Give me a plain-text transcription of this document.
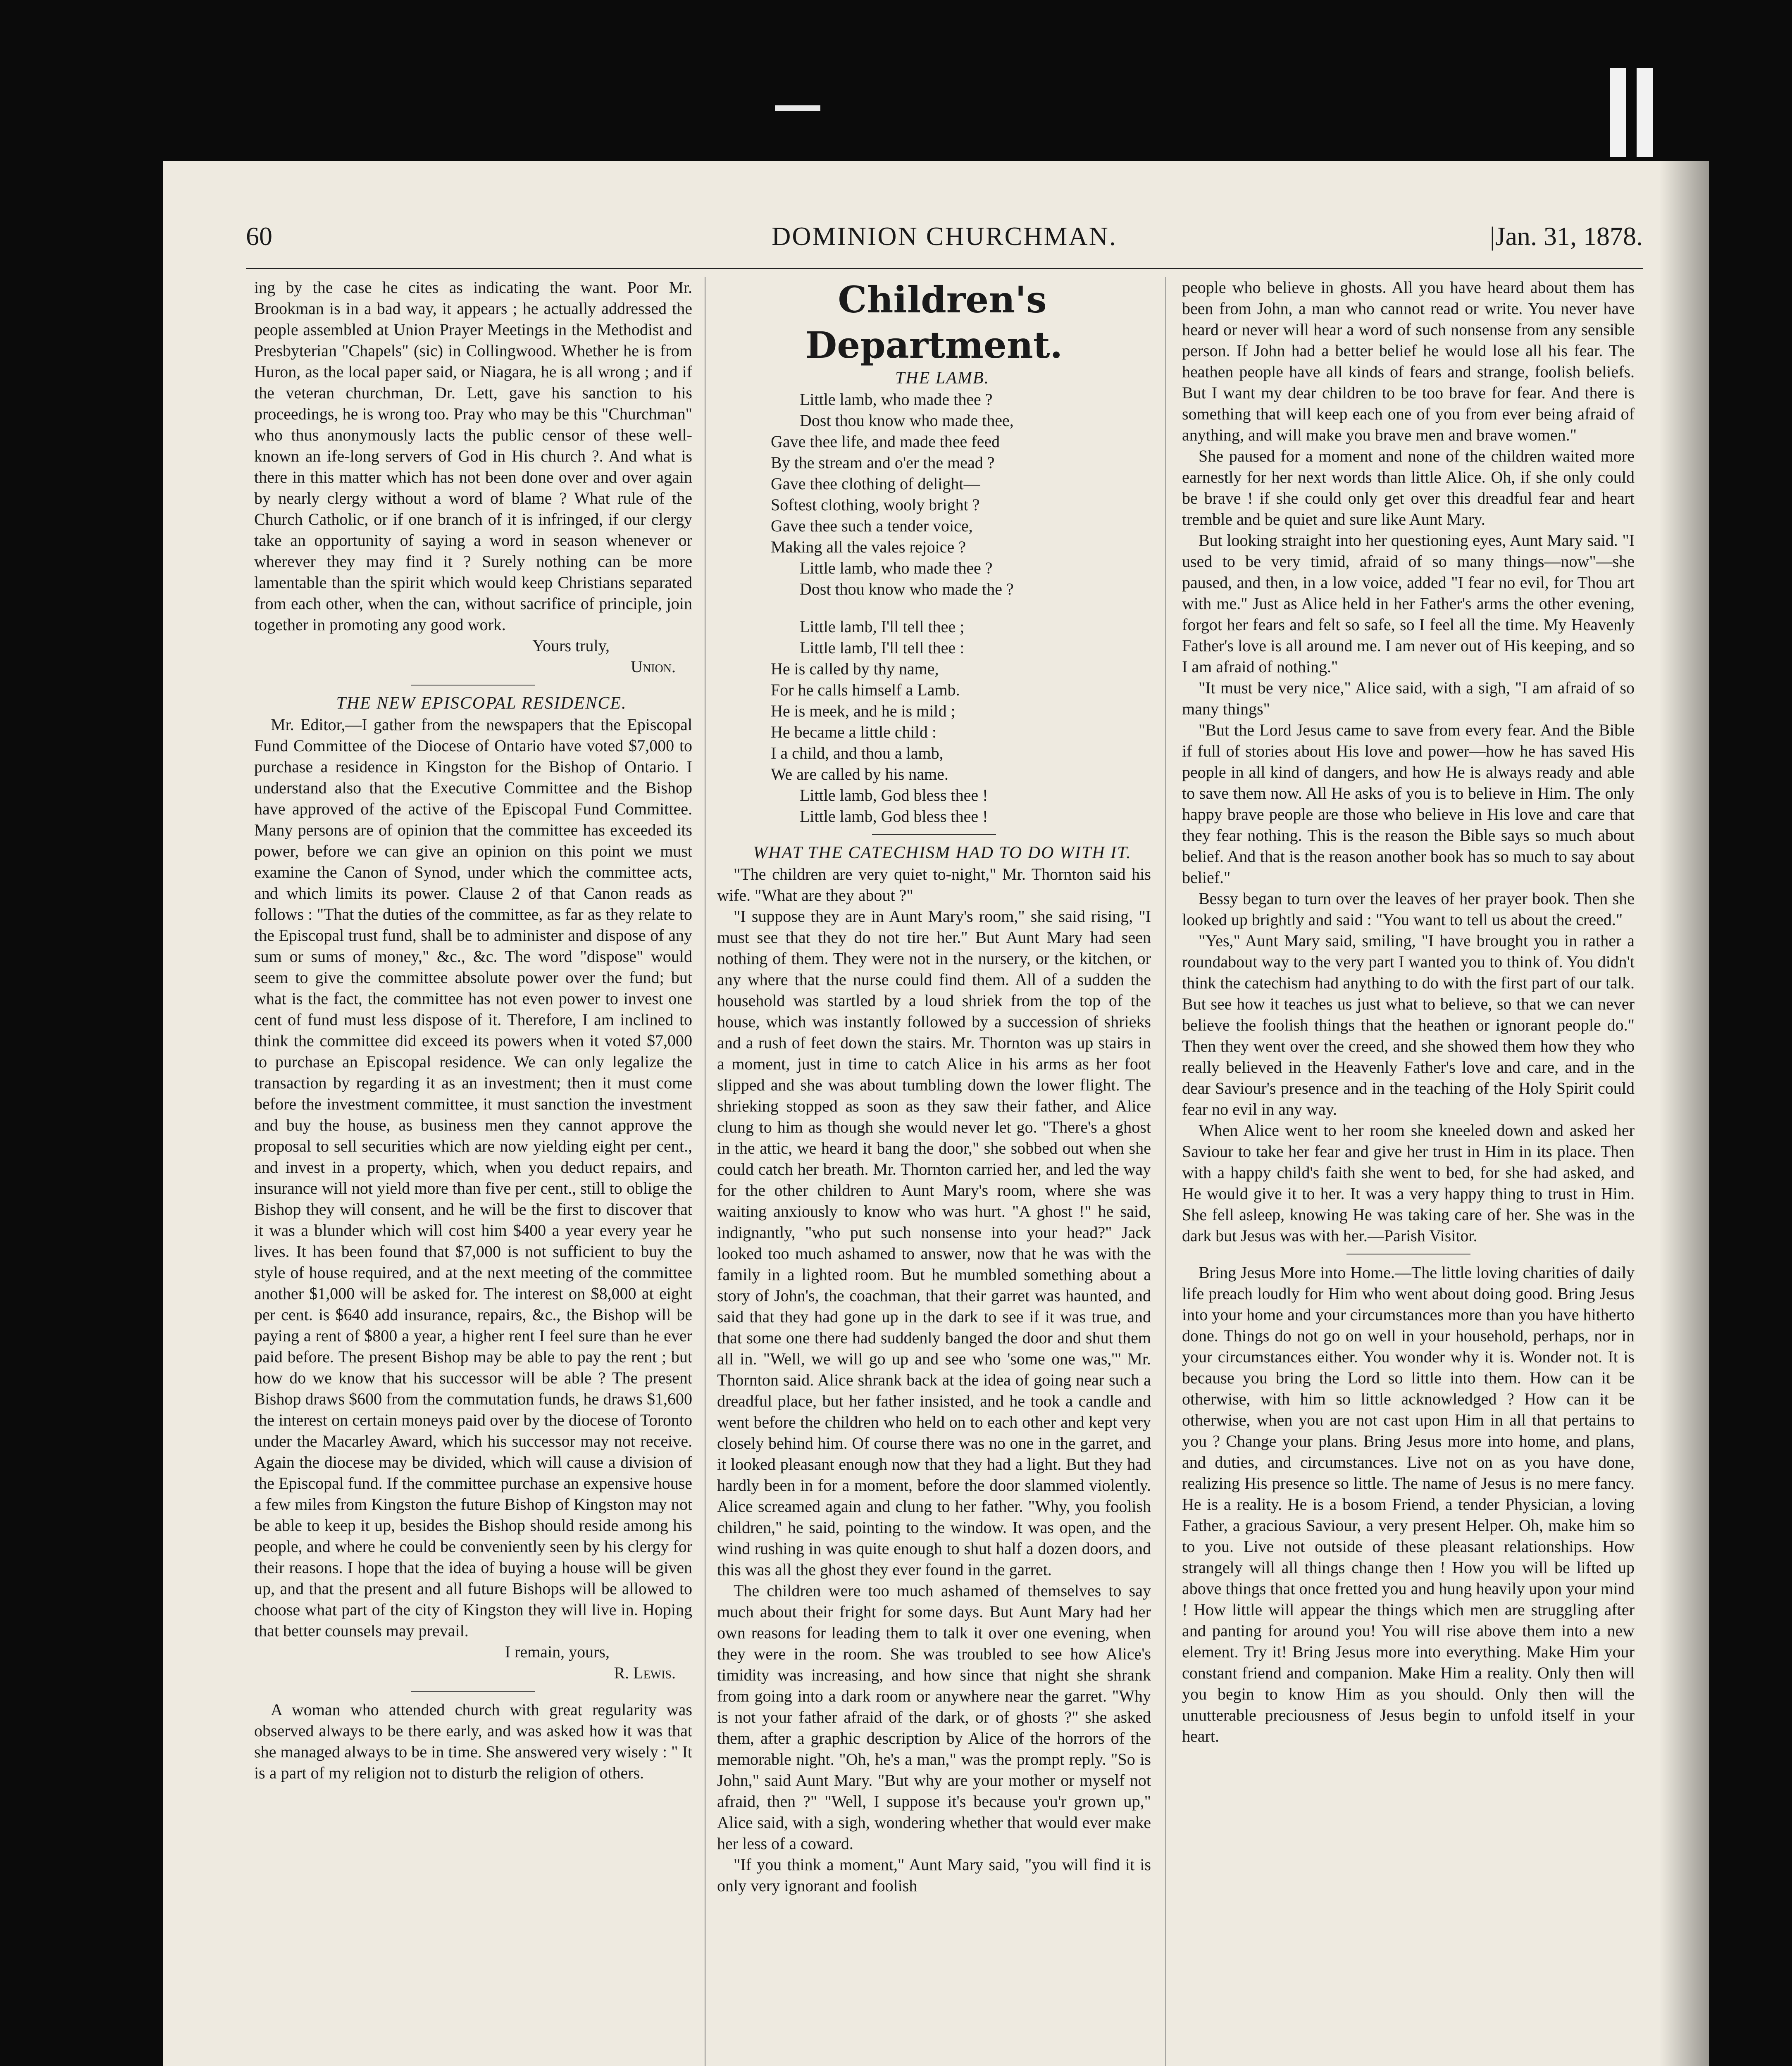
60	DOMINION CHURCHMAN.	|Jan. 31, 1878.

ing by the case he cites as indicating the want. Poor Mr. Brookman is in a bad way, it appears ; he actually addressed the people assembled at Union Prayer Meetings in the Methodist and Presbyterian "Chapels" (sic) in Collingwood. Whether he is from Huron, as the local paper said, or Niagara, he is all wrong ; and if the veteran churchman, Dr. Lett, gave his sanction to his proceedings, he is wrong too. Pray who may be this "Churchman" who thus anonymously lacts the public censor of these well-known an ife-long servers of God in His church ?. And what is there in this matter which has not been done over and over again by nearly clergy without a word of blame ? What rule of the Church Catholic, or if one branch of it is infringed, if our clergy take an opportunity of saying a word in season whenever or wherever they may find it ? Surely nothing can be more lamentable than the spirit which would keep Christians separated from each other, when the can, without sacrifice of principle, join together in promoting any good work.

Yours truly,

Union.

THE NEW EPISCOPAL RESIDENCE.

Mr. Editor,—I gather from the newspapers that the Episcopal Fund Committee of the Diocese of Ontario have voted $7,000 to purchase a residence in Kingston for the Bishop of Ontario. I understand also that the Executive Committee and the Bishop have approved of the active of the Episcopal Fund Committee. Many persons are of opinion that the committee has exceeded its power, before we can give an opinion on this point we must examine the Canon of Synod, under which the committee acts, and which limits its power. Clause 2 of that Canon reads as follows : "That the duties of the committee, as far as they relate to the Episcopal trust fund, shall be to administer and dispose of any sum or sums of money," &c., &c. The word "dispose" would seem to give the committee absolute power over the fund; but what is the fact, the committee has not even power to invest one cent of fund must less dispose of it. Therefore, I am inclined to think the committee did exceed its powers when it voted $7,000 to purchase an Episcopal residence. We can only legalize the transaction by regarding it as an investment; then it must come before the investment committee, it must sanction the investment and buy the house, as business men they cannot approve the proposal to sell securities which are now yielding eight per cent., and invest in a property, which, when you deduct repairs, and insurance will not yield more than five per cent., still to oblige the Bishop they will consent, and he will be the first to discover that it was a blunder which will cost him $400 a year every year he lives. It has been found that $7,000 is not sufficient to buy the style of house required, and at the next meeting of the committee another $1,000 will be asked for. The interest on $8,000 at eight per cent. is $640 add insurance, repairs, &c., the Bishop will be paying a rent of $800 a year, a higher rent I feel sure than he ever paid before. The present Bishop may be able to pay the rent ; but how do we know that his successor will be able ? The present Bishop draws $600 from the commutation funds, he draws $1,600 the interest on certain moneys paid over by the diocese of Toronto under the Macarley Award, which his successor may not receive. Again the diocese may be divided, which will cause a division of the Episcopal fund. If the committee purchase an expensive house a few miles from Kingston the future Bishop of Kingston may not be able to keep it up, besides the Bishop should reside among his people, and where he could be conveniently seen by his clergy for their reasons. I hope that the idea of buying a house will be given up, and that the present and all future Bishops will be allowed to choose what part of the city of Kingston they will live in. Hoping that better counsels may prevail.

I remain, yours,

R. Lewis.

A woman who attended church with great regularity was observed always to be there early, and was asked how it was that she managed always to be in time. She answered very wisely : " It is a part of my religion not to disturb the religion of others.

Children's Department.

THE LAMB.

Little lamb, who made thee ?

Dost thou know who made thee,

Gave thee life, and made thee feed

By the stream and o'er the mead ?

Gave thee clothing of delight—

Softest clothing, wooly bright ?

Gave thee such a tender voice,

Making all the vales rejoice ?

Little lamb, who made thee ?

Dost thou know who made the ?

Little lamb, I'll tell thee ;

Little lamb, I'll tell thee :

He is called by thy name,

For he calls himself a Lamb.

He is meek, and he is mild ;

He became a little child :

I a child, and thou a lamb,

We are called by his name.

Little lamb, God bless thee !

Little lamb, God bless thee !

WHAT THE CATECHISM HAD TO DO WITH IT.

"The children are very quiet to-night," Mr. Thornton said his wife. "What are they about ?"

"I suppose they are in Aunt Mary's room," she said rising, "I must see that they do not tire her." But Aunt Mary had seen nothing of them. They were not in the nursery, or the kitchen, or any where that the nurse could find them. All of a sudden the household was startled by a loud shriek from the top of the house, which was instantly followed by a succession of shrieks and a rush of feet down the stairs. Mr. Thornton was up stairs in a moment, just in time to catch Alice in his arms as her foot slipped and she was about tumbling down the lower flight. The shrieking stopped as soon as they saw their father, and Alice clung to him as though she would never let go. "There's a ghost in the attic, we heard it bang the door," she sobbed out when she could catch her breath. Mr. Thornton carried her, and led the way for the other children to Aunt Mary's room, where she was waiting anxiously to know who was hurt. "A ghost !" he said, indignantly, "who put such nonsense into your head?" Jack looked too much ashamed to answer, now that he was with the family in a lighted room. But he mumbled something about a story of John's, the coachman, that their garret was haunted, and said that they had gone up in the dark to see if it was true, and that some one there had suddenly banged the door and shut them all in. "Well, we will go up and see who 'some one was,'" Mr. Thornton said. Alice shrank back at the idea of going near such a dreadful place, but her father insisted, and he took a candle and went before the children who held on to each other and kept very closely behind him. Of course there was no one in the garret, and it looked pleasant enough now that they had a light. But they had hardly been in for a moment, before the door slammed violently. Alice screamed again and clung to her father. "Why, you foolish children," he said, pointing to the window. It was open, and the wind rushing in was quite enough to shut half a dozen doors, and this was all the ghost they ever found in the garret.

The children were too much ashamed of themselves to say much about their fright for some days. But Aunt Mary had her own reasons for leading them to talk it over one evening, when they were in the room. She was troubled to see how Alice's timidity was increasing, and how since that night she shrank from going into a dark room or anywhere near the garret. "Why is not your father afraid of the dark, or of ghosts ?" she asked them, after a graphic description by Alice of the horrors of the memorable night. "Oh, he's a man," was the prompt reply. "So is John," said Aunt Mary. "But why are your mother or myself not afraid, then ?" "Well, I suppose it's because you'r grown up," Alice said, with a sigh, wondering whether that would ever make her less of a coward.

"If you think a moment," Aunt Mary said, "you will find it is only very ignorant and foolish

people who believe in ghosts. All you have heard about them has been from John, a man who cannot read or write. You never have heard or never will hear a word of such nonsense from any sensible person. If John had a better belief he would lose all his fear. The heathen people have all kinds of fears and strange, foolish beliefs. But I want my dear children to be too brave for fear. And there is something that will keep each one of you from ever being afraid of anything, and will make you brave men and brave women."

She paused for a moment and none of the children waited more earnestly for her next words than little Alice. Oh, if she only could be brave ! if she could only get over this dreadful fear and heart tremble and be quiet and sure like Aunt Mary.

But looking straight into her questioning eyes, Aunt Mary said. "I used to be very timid, afraid of so many things—now"—she paused, and then, in a low voice, added "I fear no evil, for Thou art with me." Just as Alice held in her Father's arms the other evening, forgot her fears and felt so safe, so I feel all the time. My Heavenly Father's love is all around me. I am never out of His keeping, and so I am afraid of nothing."

"It must be very nice," Alice said, with a sigh, "I am afraid of so many things"

"But the Lord Jesus came to save from every fear. And the Bible if full of stories about His love and power—how he has saved His people in all kind of dangers, and how He is always ready and able to save them now. All He asks of you is to believe in Him. The only happy brave people are those who believe in His love and care that they fear nothing. This is the reason the Bible says so much about belief. And that is the reason another book has so much to say about belief."

Bessy began to turn over the leaves of her prayer book. Then she looked up brightly and said : "You want to tell us about the creed."

"Yes," Aunt Mary said, smiling, "I have brought you in rather a roundabout way to the very part I wanted you to think of. You didn't think the catechism had anything to do with the first part of our talk. But see how it teaches us just what to believe, so that we can never believe the foolish things that the heathen or ignorant people do." Then they went over the creed, and she showed them how they who really believed in the Heavenly Father's love and care, and in the dear Saviour's presence and in the teaching of the Holy Spirit could fear no evil in any way.

When Alice went to her room she kneeled down and asked her Saviour to take her fear and give her trust in Him in its place. Then with a happy child's faith she went to bed, for she had asked, and He would give it to her. It was a very happy thing to trust in Him. She fell asleep, knowing He was taking care of her. She was in the dark but Jesus was with her.—Parish Visitor.

Bring Jesus More into Home.—The little loving charities of daily life preach loudly for Him who went about doing good. Bring Jesus into your home and your circumstances more than you have hitherto done. Things do not go on well in your household, perhaps, nor in your circumstances either. You wonder why it is. Wonder not. It is because you bring the Lord so little into them. How can it be otherwise, with him so little acknowledged ? How can it be otherwise, when you are not cast upon Him in all that pertains to you ? Change your plans. Bring Jesus more into home, and plans, and duties, and circumstances. Live not on as you have done, realizing His presence so little. The name of Jesus is no mere fancy. He is a reality. He is a bosom Friend, a tender Physician, a loving Father, a gracious Saviour, a very present Helper. Oh, make him so to you. Live not outside of these pleasant relationships. How strangely will all things change then ! How you will be lifted up above things that once fretted you and hung heavily upon your mind ! How little will appear the things which men are struggling after and panting for around you! You will rise above them into a new element. Try it! Bring Jesus more into everything. Make Him your constant friend and companion. Make Him a reality. Only then will you begin to know Him as you should. Only then will the unutterable preciousness of Jesus begin to unfold itself in your heart.
